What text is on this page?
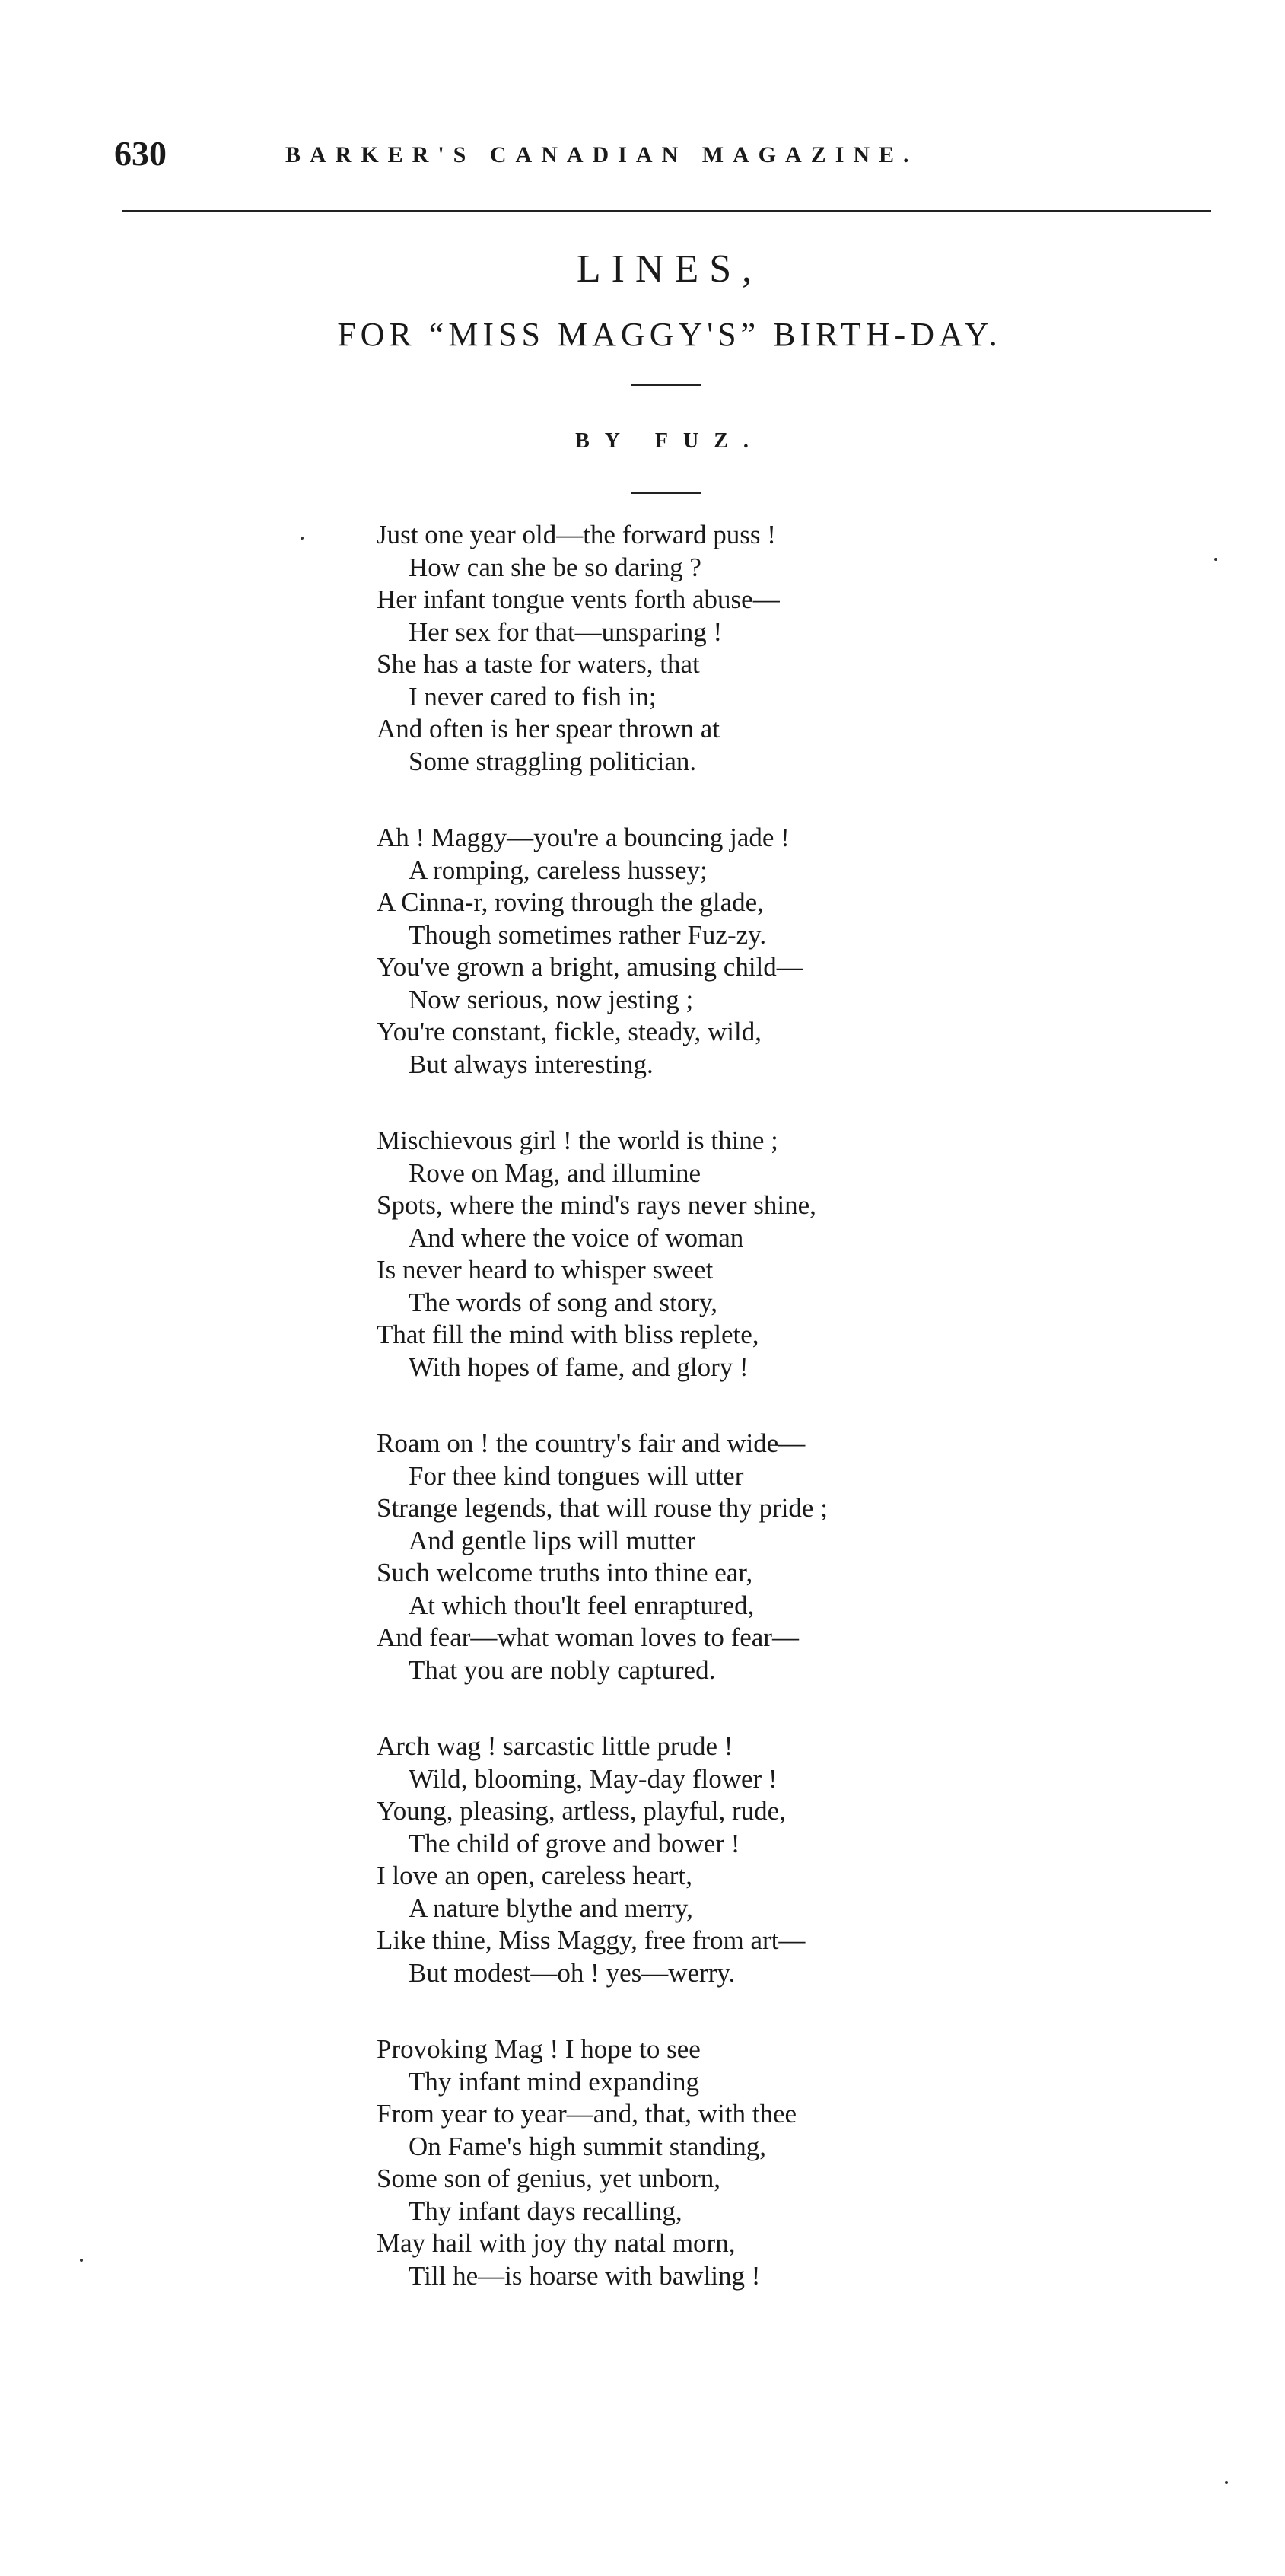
630	BARKER'S CANADIAN MAGAZINE.
LINES,
FOR “MISS MAGGY'S” BIRTH-DAY.
BY FUZ.
Just one year old—the forward puss !
How can she be so daring ?
Her infant tongue vents forth abuse—
Her sex for that—unsparing !
She has a taste for waters, that
I never cared to fish in;
And often is her spear thrown at
Some straggling politician.
Ah ! Maggy—you're a bouncing jade !
A romping, careless hussey;
A Cinna-r, roving through the glade,
Though sometimes rather Fuz-zy.
You've grown a bright, amusing child—
Now serious, now jesting ;
You're constant, fickle, steady, wild,
But always interesting.
Mischievous girl ! the world is thine ;
Rove on Mag, and illumine
Spots, where the mind's rays never shine,
And where the voice of woman
Is never heard to whisper sweet
The words of song and story,
That fill the mind with bliss replete,
With hopes of fame, and glory !
Roam on ! the country's fair and wide—
For thee kind tongues will utter
Strange legends, that will rouse thy pride ;
And gentle lips will mutter
Such welcome truths into thine ear,
At which thou'lt feel enraptured,
And fear—what woman loves to fear—
That you are nobly captured.
Arch wag ! sarcastic little prude !
Wild, blooming, May-day flower !
Young, pleasing, artless, playful, rude,
The child of grove and bower !
I love an open, careless heart,
A nature blythe and merry,
Like thine, Miss Maggy, free from art—
But modest—oh ! yes—werry.
Provoking Mag ! I hope to see
Thy infant mind expanding
From year to year—and, that, with thee
On Fame's high summit standing,
Some son of genius, yet unborn,
Thy infant days recalling,
May hail with joy thy natal morn,
Till he—is hoarse with bawling !
